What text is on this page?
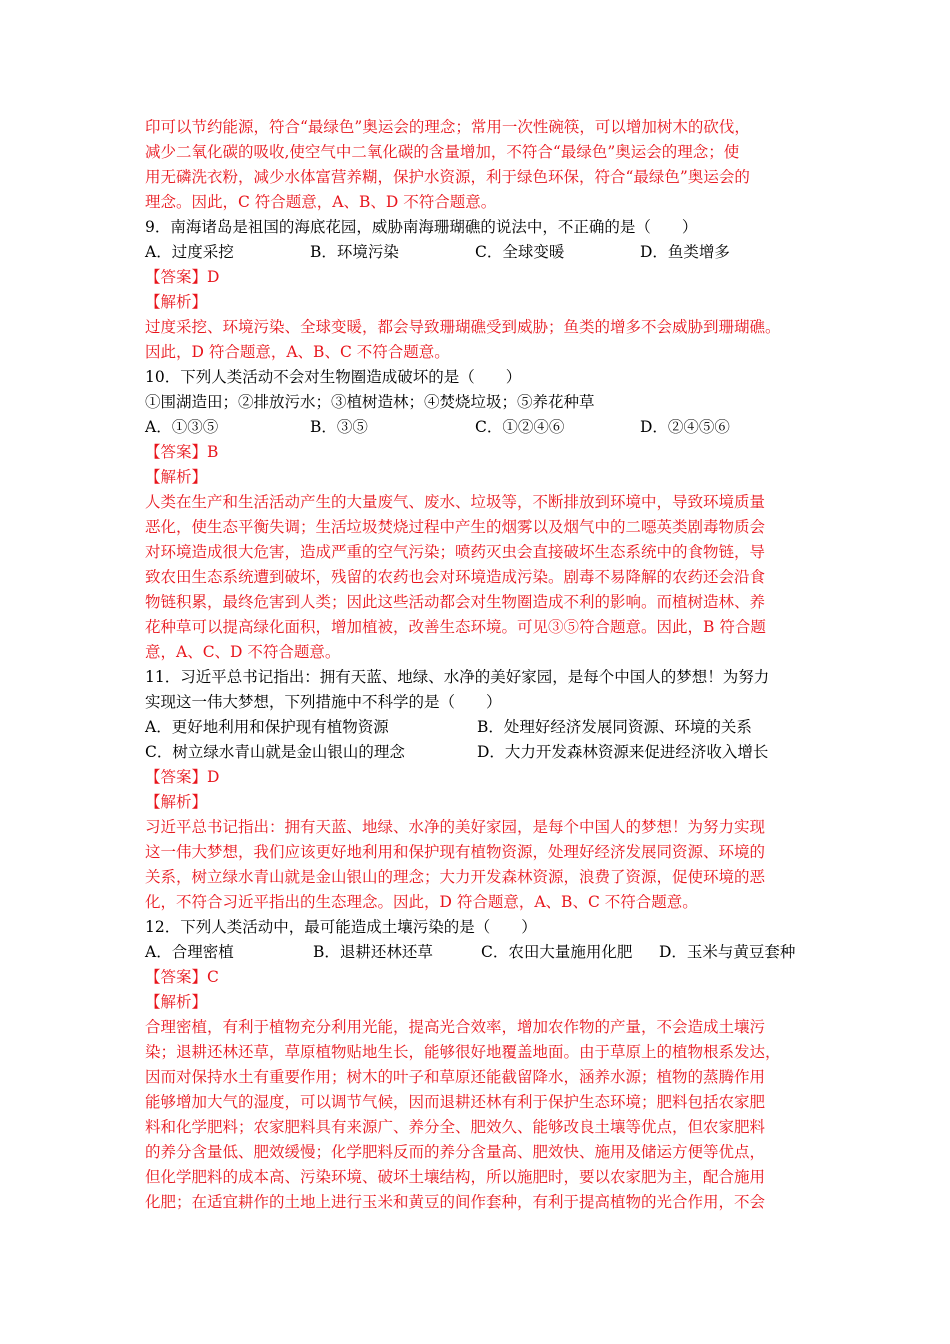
印可以节约能源，符合“最绿色”奥运会的理念；常用一次性碗筷，可以增加树木的砍伐，
减少二氧化碳的吸收,使空气中二氧化碳的含量增加，不符合“最绿色”奥运会的理念；使
用无磷洗衣粉，减少水体富营养糊，保护水资源，利于绿色环保，符合“最绿色”奥运会的
理念。因此，C 符合题意，A、B、D 不符合题意。
9．南海诸岛是祖国的海底花园，威胁南海珊瑚礁的说法中，不正确的是（　　）
A．过度采挖	B．环境污染	C．全球变暖	D．鱼类增多
【答案】D
【解析】
过度采挖、环境污染、全球变暖，都会导致珊瑚礁受到威胁；鱼类的增多不会威胁到珊瑚礁。
因此，D 符合题意，A、B、C 不符合题意。
10．下列人类活动不会对生物圈造成破坏的是（　　）
①围湖造田；②排放污水；③植树造林；④焚烧垃圾；⑤养花种草
A．①③⑤	B．③⑤	C．①②④⑥	D．②④⑤⑥
【答案】B
【解析】
人类在生产和生活活动产生的大量废气、废水、垃圾等，不断排放到环境中，导致环境质量
恶化，使生态平衡失调；生活垃圾焚烧过程中产生的烟雾以及烟气中的二噁英类剧毒物质会
对环境造成很大危害，造成严重的空气污染；喷药灭虫会直接破坏生态系统中的食物链，导
致农田生态系统遭到破坏，残留的农药也会对环境造成污染。剧毒不易降解的农药还会沿食
物链积累，最终危害到人类；因此这些活动都会对生物圈造成不利的影响。而植树造林、养
花种草可以提高绿化面积，增加植被，改善生态环境。可见③⑤符合题意。因此，B 符合题
意，A、C、D 不符合题意。
11．习近平总书记指出：拥有天蓝、地绿、水净的美好家园，是每个中国人的梦想！为努力
实现这一伟大梦想，下列措施中不科学的是（　　）
A．更好地利用和保护现有植物资源	B．处理好经济发展同资源、环境的关系
C．树立绿水青山就是金山银山的理念	D．大力开发森林资源来促进经济收入增长
【答案】D
【解析】
习近平总书记指出：拥有天蓝、地绿、水净的美好家园，是每个中国人的梦想！为努力实现
这一伟大梦想，我们应该更好地利用和保护现有植物资源，处理好经济发展同资源、环境的
关系，树立绿水青山就是金山银山的理念；大力开发森林资源，浪费了资源，促使环境的恶
化，不符合习近平指出的生态理念。因此，D 符合题意，A、B、C 不符合题意。
12．下列人类活动中，最可能造成土壤污染的是（　　）
A．合理密植	B．退耕还林还草	C．农田大量施用化肥	D．玉米与黄豆套种
【答案】C
【解析】
合理密植，有利于植物充分利用光能，提高光合效率，增加农作物的产量，不会造成土壤污
染；退耕还林还草，草原植物贴地生长，能够很好地覆盖地面。由于草原上的植物根系发达，
因而对保持水土有重要作用；树木的叶子和草原还能截留降水，涵养水源；植物的蒸腾作用
能够增加大气的湿度，可以调节气候，因而退耕还林有利于保护生态环境；肥料包括农家肥
料和化学肥料；农家肥料具有来源广、养分全、肥效久、能够改良土壤等优点，但农家肥料
的养分含量低、肥效缓慢；化学肥料反而的养分含量高、肥效快、施用及储运方便等优点，
但化学肥料的成本高、污染环境、破坏土壤结构，所以施肥时，要以农家肥为主，配合施用
化肥；在适宜耕作的土地上进行玉米和黄豆的间作套种，有利于提高植物的光合作用，不会
